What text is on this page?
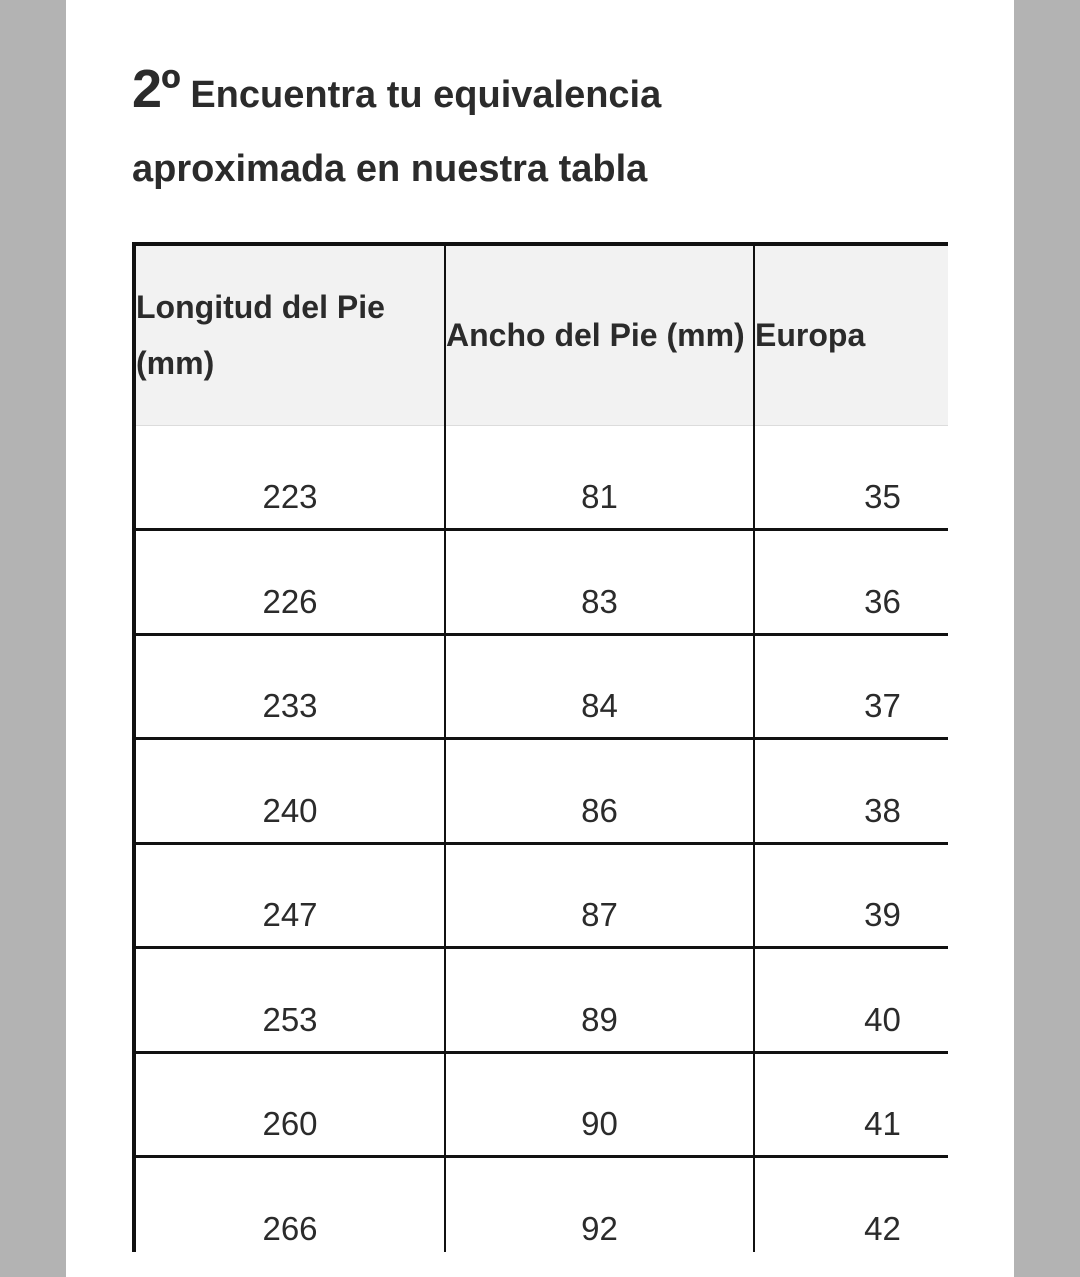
2º Encuentra tu equivalencia aproximada en nuestra tabla
Longitud del Pie (mm)	Ancho del Pie (mm)	Europa
223	81	35
226	83	36
233	84	37
240	86	38
247	87	39
253	89	40
260	90	41
266	92	42
